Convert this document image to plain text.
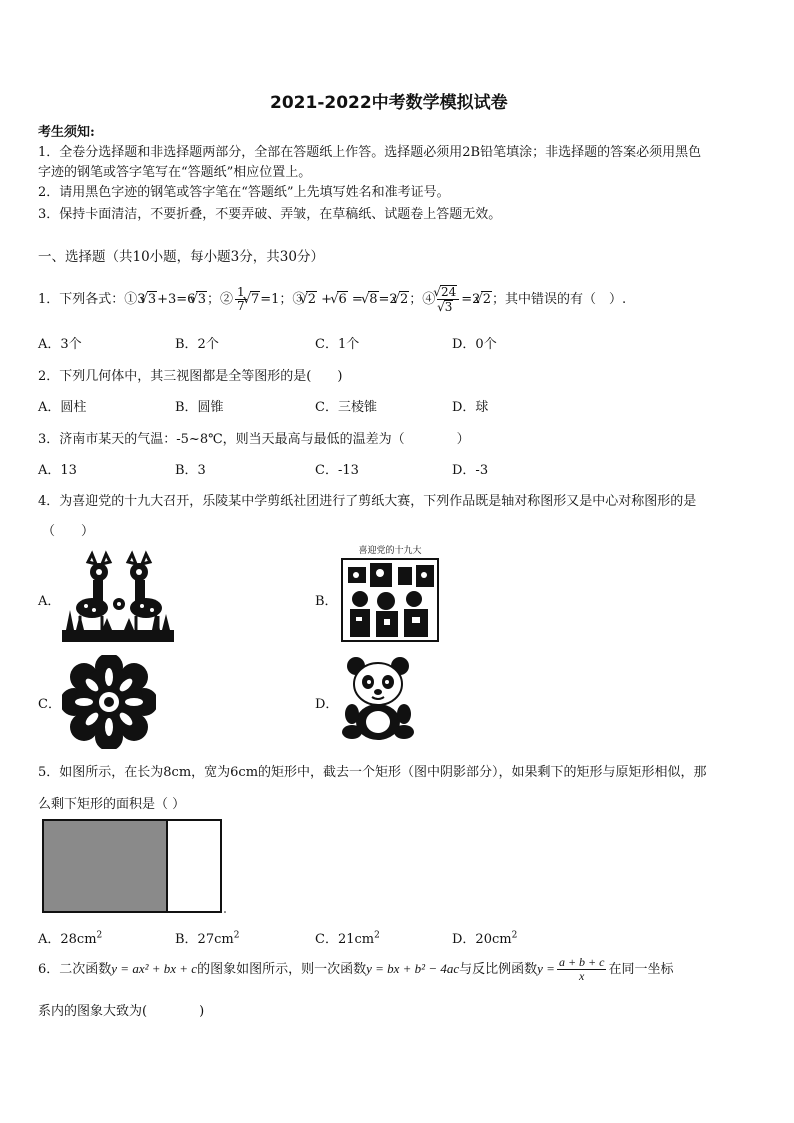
2021-2022中考数学模拟试卷
考生须知:
1．全卷分选择题和非选择题两部分，全部在答题纸上作答。选择题必须用2B铅笔填涂；非选择题的答案必须用黑色
字迹的钢笔或答字笔写在“答题纸”相应位置上。
2．请用黑色字迹的钢笔或答字笔在“答题纸”上先填写姓名和准考证号。
3．保持卡面清洁，不要折叠，不要弄破、弄皱，在草稿纸、试题卷上答题无效。
一、选择题（共10小题，每小题3分，共30分）
1．下列各式：①3 √ 3+3=6 √ 3；② $\frac{1}{7}$ √ 7=1；③ √ 2 + √ 6 = √ 8=2 √ 2；④ √ 24
√ 3 =2 √ 2；其中错误的有（　）.
A．3个	B．2个	C．1个	D．0个
2．下列几何体中，其三视图都是全等图形的是(　　)
A．圆柱	B．圆锥	C．三棱锥	D．球
3．济南市某天的气温：-5~8℃，则当天最高与最低的温差为（　　　　）
A．13	B．3	C．-13	D．-3
4．为喜迎党的十九大召开，乐陵某中学剪纸社团进行了剪纸大赛，下列作品既是轴对称图形又是中心对称图形的是
（　　）
A．	B．
C．	D．
喜迎党的十九大
5．如图所示，在长为8cm，宽为6cm的矩形中，截去一个矩形（图中阴影部分），如果剩下的矩形与原矩形相似，那
么剩下矩形的面积是（ ）
A．$28cm^2$	B．$27cm^2$	C．$21cm^2$	D．$20cm^2$
6．二次函数y = ax² + bx + c的图象如图所示，则一次函数y = bx + b² − 4ac与反比例函数$y = \frac{a + b + c}{x}$ 在同一坐标
系内的图象大致为(　　　　)
